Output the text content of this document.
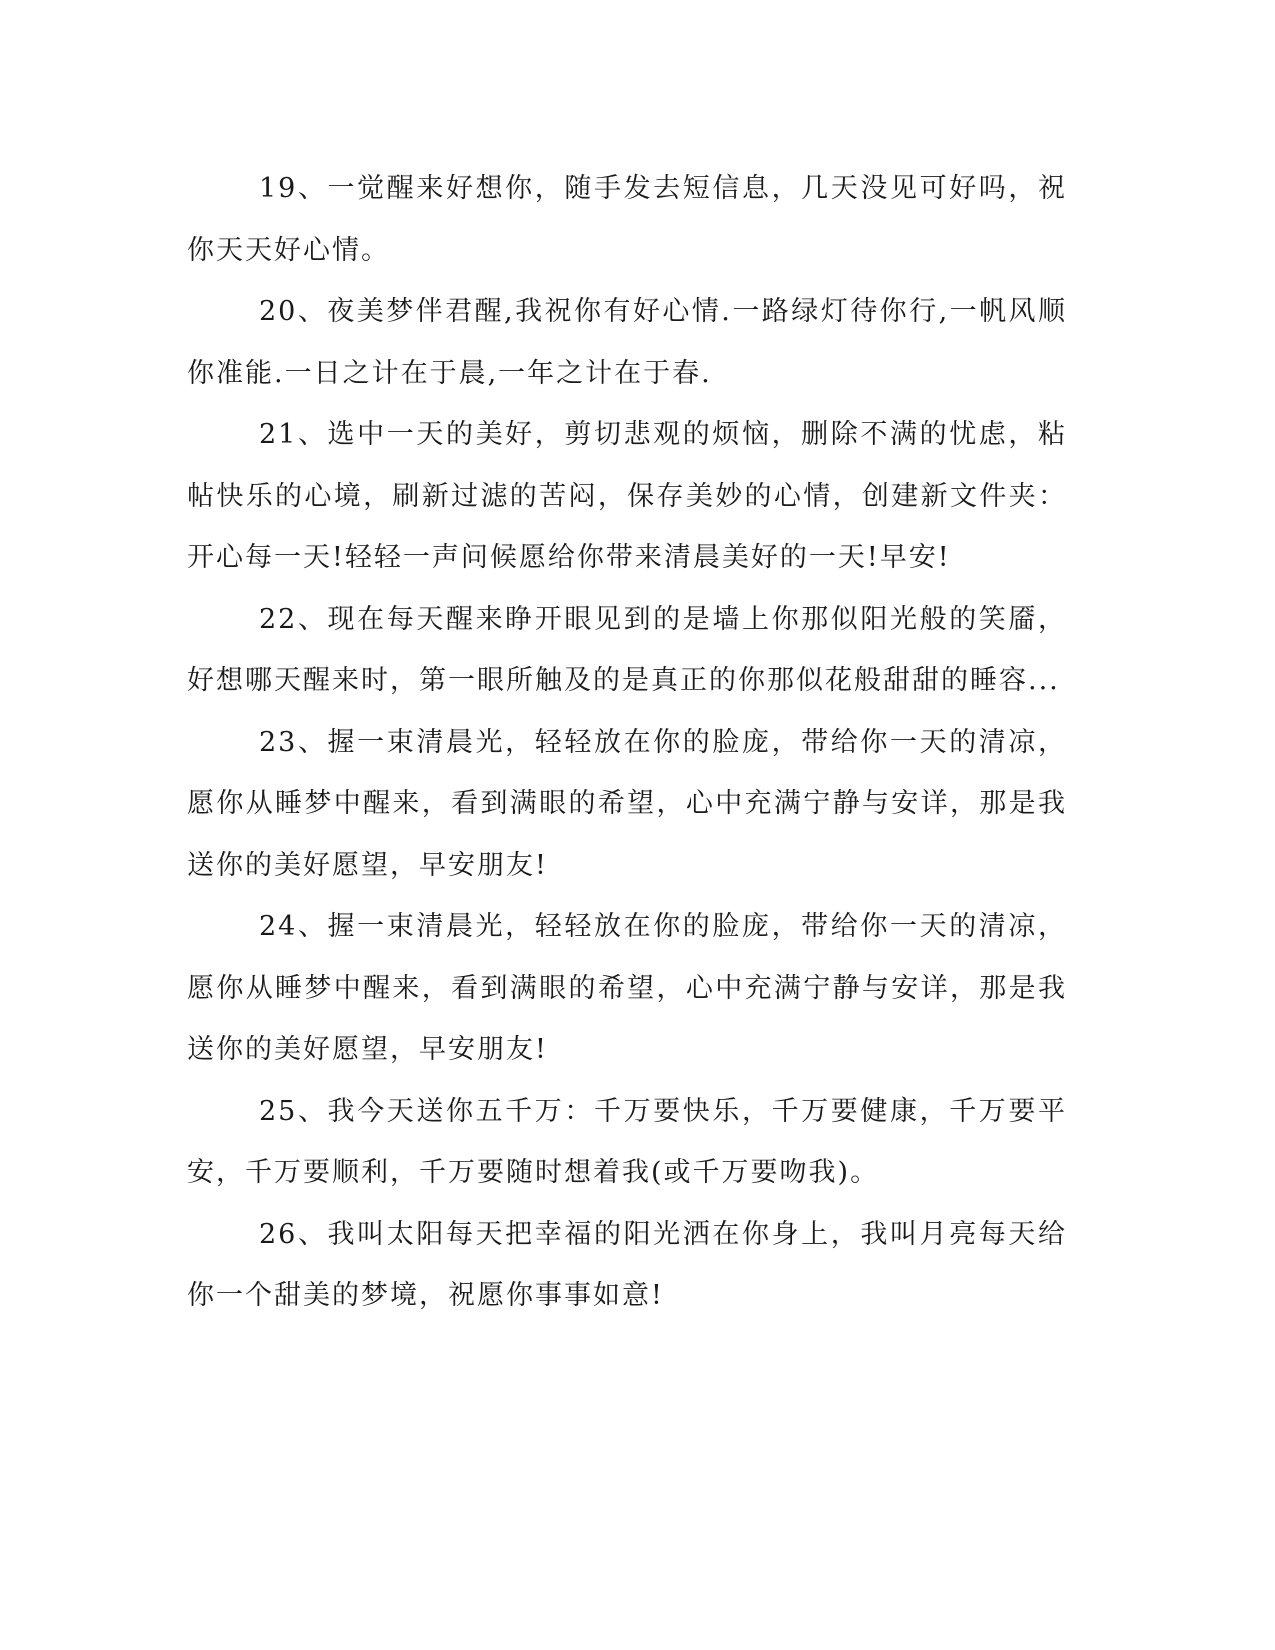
19、一觉醒来好想你，随手发去短信息，几天没见可好吗，祝你天天好心情。

20、夜美梦伴君醒,我祝你有好心情.一路绿灯待你行,一帆风顺你准能.一日之计在于晨,一年之计在于春.

21、选中一天的美好，剪切悲观的烦恼，删除不满的忧虑，粘帖快乐的心境，刷新过滤的苦闷，保存美妙的心情，创建新文件夹：开心每一天!轻轻一声问候愿给你带来清晨美好的一天!早安!

22、现在每天醒来睁开眼见到的是墙上你那似阳光般的笑靥，好想哪天醒来时，第一眼所触及的是真正的你那似花般甜甜的睡容...

23、握一束清晨光，轻轻放在你的脸庞，带给你一天的清凉，愿你从睡梦中醒来，看到满眼的希望，心中充满宁静与安详，那是我送你的美好愿望，早安朋友!

24、握一束清晨光，轻轻放在你的脸庞，带给你一天的清凉，愿你从睡梦中醒来，看到满眼的希望，心中充满宁静与安详，那是我送你的美好愿望，早安朋友!

25、我今天送你五千万：千万要快乐，千万要健康，千万要平安，千万要顺利，千万要随时想着我(或千万要吻我)。

26、我叫太阳每天把幸福的阳光洒在你身上，我叫月亮每天给你一个甜美的梦境，祝愿你事事如意!
